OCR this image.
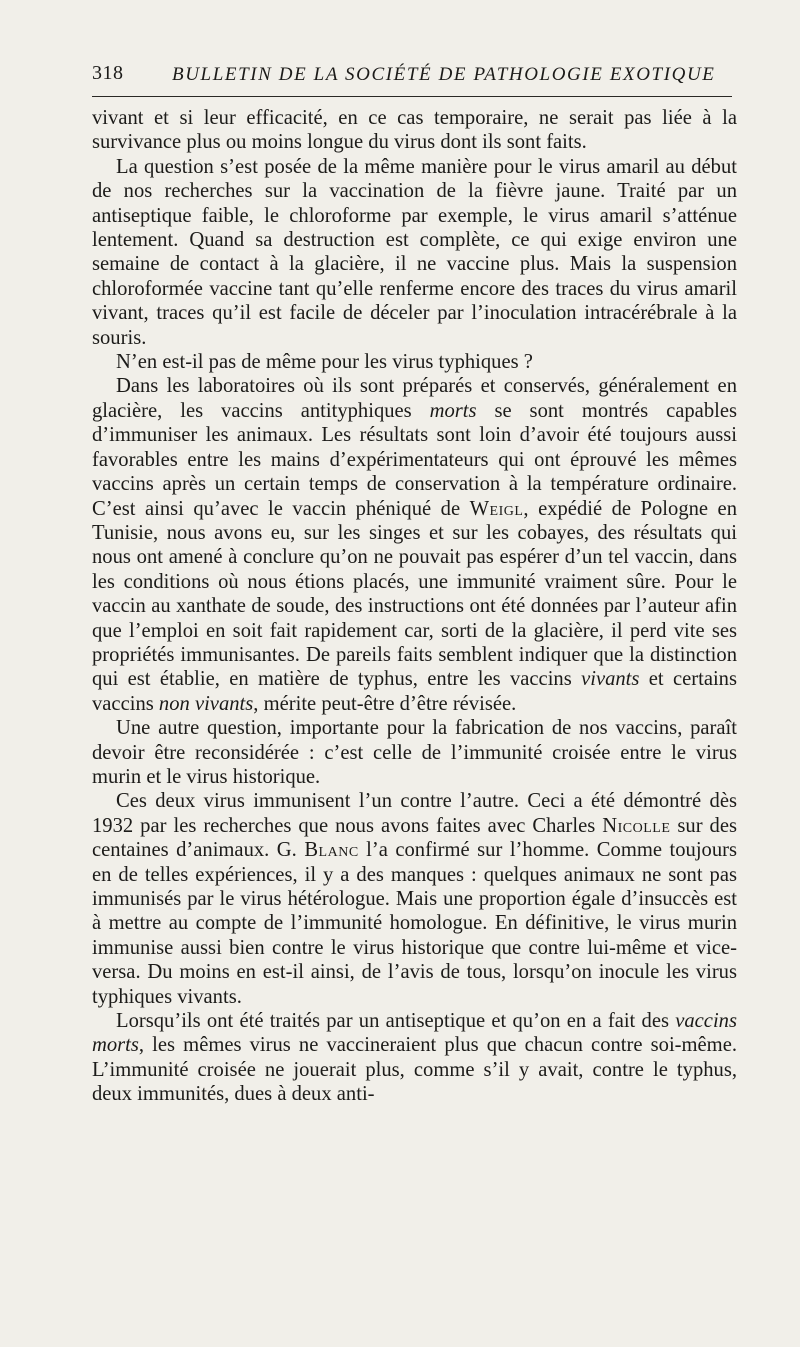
318	BULLETIN DE LA SOCIÉTÉ DE PATHOLOGIE EXOTIQUE

vivant et si leur efficacité, en ce cas temporaire, ne serait pas liée à la survivance plus ou moins longue du virus dont ils sont faits.

La question s’est posée de la même manière pour le virus amaril au début de nos recherches sur la vaccination de la fièvre jaune. Traité par un antiseptique faible, le chloroforme par exemple, le virus amaril s’atténue lentement. Quand sa destruction est complète, ce qui exige environ une semaine de contact à la glacière, il ne vaccine plus. Mais la suspension chloroformée vaccine tant qu’elle renferme encore des traces du virus amaril vivant, traces qu’il est facile de déceler par l’inoculation intracérébrale à la souris.

N’en est-il pas de même pour les virus typhiques ?

Dans les laboratoires où ils sont préparés et conservés, généralement en glacière, les vaccins antityphiques morts se sont montrés capables d’immuniser les animaux. Les résultats sont loin d’avoir été toujours aussi favorables entre les mains d’expérimentateurs qui ont éprouvé les mêmes vaccins après un certain temps de conservation à la température ordinaire. C’est ainsi qu’avec le vaccin phéniqué de Weigl, expédié de Pologne en Tunisie, nous avons eu, sur les singes et sur les cobayes, des résultats qui nous ont amené à conclure qu’on ne pouvait pas espérer d’un tel vaccin, dans les conditions où nous étions placés, une immunité vraiment sûre. Pour le vaccin au xanthate de soude, des instructions ont été données par l’auteur afin que l’emploi en soit fait rapidement car, sorti de la glacière, il perd vite ses propriétés immunisantes. De pareils faits semblent indiquer que la distinction qui est établie, en matière de typhus, entre les vaccins vivants et certains vaccins non vivants, mérite peut-être d’être révisée.

Une autre question, importante pour la fabrication de nos vaccins, paraît devoir être reconsidérée : c’est celle de l’immunité croisée entre le virus murin et le virus historique.

Ces deux virus immunisent l’un contre l’autre. Ceci a été démontré dès 1932 par les recherches que nous avons faites avec Charles Nicolle sur des centaines d’animaux. G. Blanc l’a confirmé sur l’homme. Comme toujours en de telles expériences, il y a des manques : quelques animaux ne sont pas immunisés par le virus hétérologue. Mais une proportion égale d’insuccès est à mettre au compte de l’immunité homologue. En définitive, le virus murin immunise aussi bien contre le virus historique que contre lui-même et vice-versa. Du moins en est-il ainsi, de l’avis de tous, lorsqu’on inocule les virus typhiques vivants.

Lorsqu’ils ont été traités par un antiseptique et qu’on en a fait des vaccins morts, les mêmes virus ne vaccineraient plus que chacun contre soi-même. L’immunité croisée ne jouerait plus, comme s’il y avait, contre le typhus, deux immunités, dues à deux anti-
